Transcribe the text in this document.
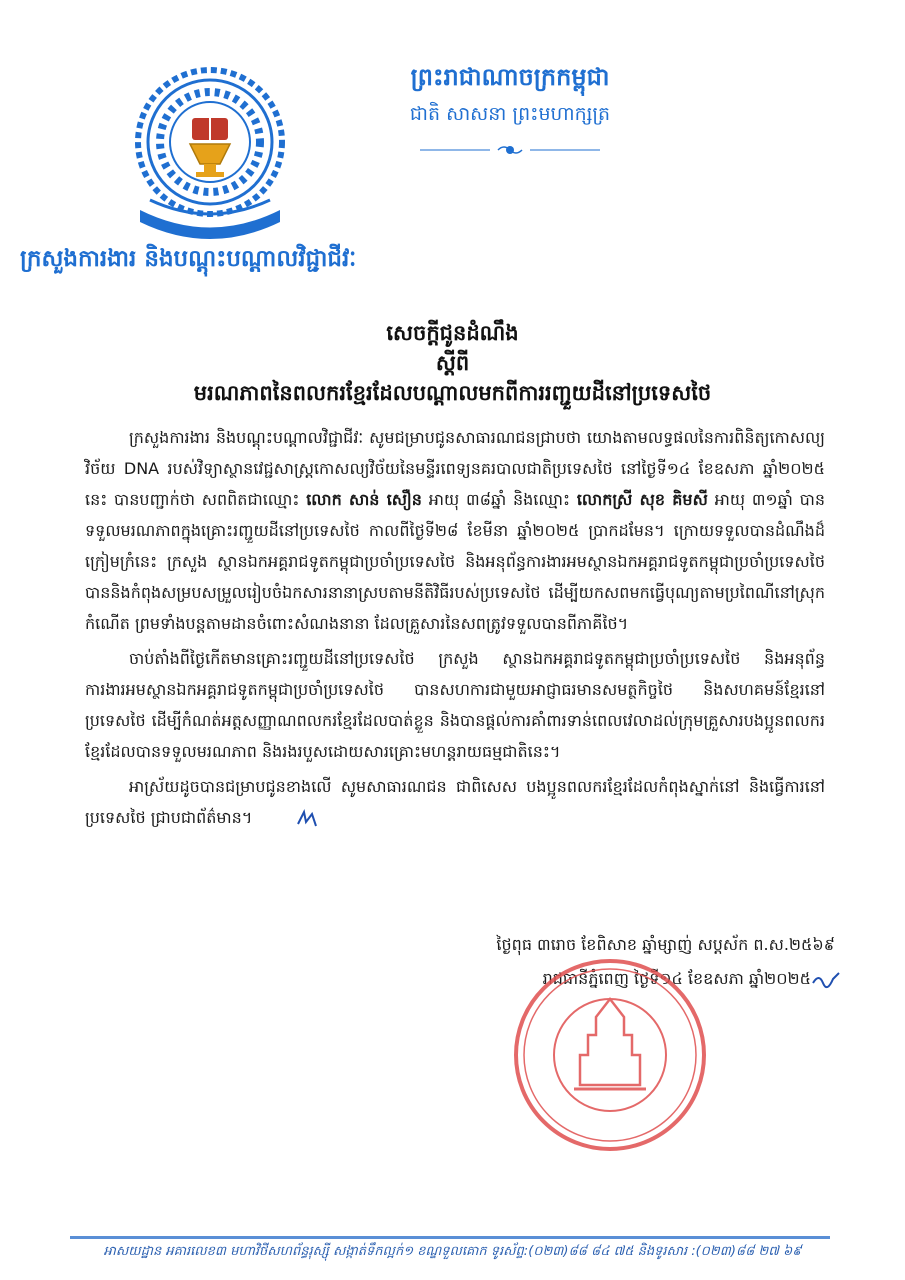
ក្រសួងការងារ និងបណ្តុះបណ្តាលវិជ្ជាជីវៈ
ព្រះរាជាណាចក្រកម្ពុជា
ជាតិ សាសនា ព្រះមហាក្សត្រ
សេចក្តីជូនដំណឹង
ស្តីពី
មរណភាពនៃពលករខ្មែរដែលបណ្តាលមកពីការរញ្ជួយដីនៅប្រទេសថៃ

ក្រសួងការងារ និងបណ្តុះបណ្តាលវិជ្ជាជីវៈ សូមជម្រាបជូនសាធារណជនជ្រាបថា យោងតាមលទ្ធផលនៃការពិនិត្យកោសល្យវិច័យ DNA របស់វិទ្យាស្ថានវេជ្ជសាស្ត្រកោសល្យវិច័យនៃមន្ទីរពេទ្យនគរបាលជាតិប្រទេសថៃ នៅថ្ងៃទី១៤ ខែឧសភា ឆ្នាំ២០២៥ នេះ បានបញ្ជាក់ថា សពពិតជាឈ្មោះ លោក សាន់ សឿន អាយុ ៣៨ឆ្នាំ និងឈ្មោះ លោកស្រី សុខ គិមសី អាយុ ៣១ឆ្នាំ បានទទួលមរណភាពក្នុងគ្រោះរញ្ជួយដីនៅប្រទេសថៃ កាលពីថ្ងៃទី២៨ ខែមីនា ឆ្នាំ២០២៥ ប្រាកដមែន។ ក្រោយទទួលបានដំណឹងដ៏ក្រៀមក្រំនេះ ក្រសួង ស្ថានឯកអគ្គរាជទូតកម្ពុជាប្រចាំប្រទេសថៃ និងអនុព័ន្ធការងារអមស្ថានឯកអគ្គរាជទូតកម្ពុជាប្រចាំប្រទេសថៃ បាននិងកំពុងសម្របសម្រួលរៀបចំឯកសារនានាស្របតាមនីតិវិធីរបស់ប្រទេសថៃ ដើម្បីយកសពមកធ្វើបុណ្យតាមប្រពៃណីនៅស្រុកកំណើត ព្រមទាំងបន្តតាមដានចំពោះសំណងនានា ដែលគ្រួសារនៃសពត្រូវទទួលបានពីភាគីថៃ។

ចាប់តាំងពីថ្ងៃកើតមានគ្រោះរញ្ជួយដីនៅប្រទេសថៃ ក្រសួង ស្ថានឯកអគ្គរាជទូតកម្ពុជាប្រចាំប្រទេសថៃ និងអនុព័ន្ធការងារអមស្ថានឯកអគ្គរាជទូតកម្ពុជាប្រចាំប្រទេសថៃ បានសហការជាមួយអាជ្ញាធរមានសមត្ថកិច្ចថៃ និងសហគមន៍ខ្មែរនៅប្រទេសថៃ ដើម្បីកំណត់អត្តសញ្ញាណពលករខ្មែរដែលបាត់ខ្លួន និងបានផ្តល់ការគាំពារទាន់ពេលវេលាដល់ក្រុមគ្រួសារបងប្អូនពលករខ្មែរដែលបានទទួលមរណភាព និងរងរបួសដោយសារគ្រោះមហន្តរាយធម្មជាតិនេះ។

អាស្រ័យដូចបានជម្រាបជូនខាងលើ សូមសាធារណជន ជាពិសេស បងប្អូនពលករខ្មែរដែលកំពុងស្នាក់នៅ និងធ្វើការនៅប្រទេសថៃ ជ្រាបជាព័ត៌មាន។

ថ្ងៃពុធ ៣រោច ខែពិសាខ ឆ្នាំម្សាញ់ សប្តស័ក ព.ស.២៥៦៩
រាជធានីភ្នំពេញ ថ្ងៃទី១៤ ខែឧសភា ឆ្នាំ២០២៥
អាសយដ្ឋាន អគារលេខ៣ មហាវិថីសហព័ន្ធរុស្ស៊ី សង្កាត់ទឹកល្អក់១ ខណ្ឌទួលគោក ទូរស័ព្ទ:(០២៣)៨៨ ៨៤ ៧៥ និងទូរសារ :(០២៣)៨៨ ២៧ ៦៩
